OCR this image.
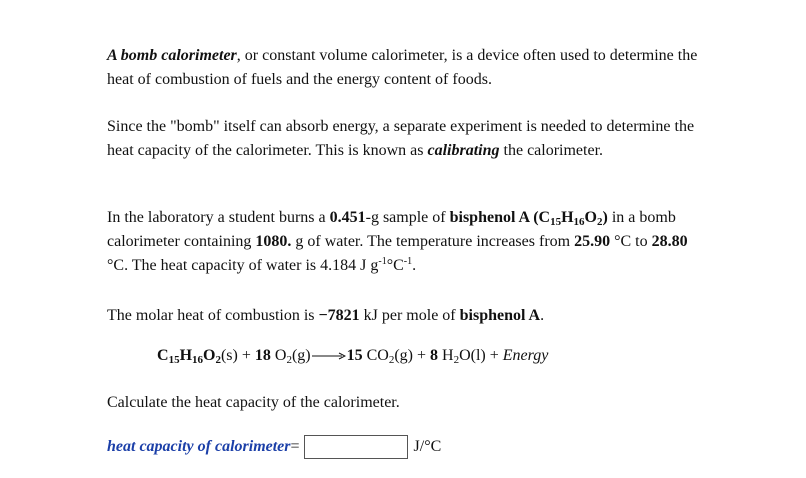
A bomb calorimeter, or constant volume calorimeter, is a device often used to determine the heat of combustion of fuels and the energy content of foods.

Since the "bomb" itself can absorb energy, a separate experiment is needed to determine the heat capacity of the calorimeter. This is known as calibrating the calorimeter.

In the laboratory a student burns a 0.451-g sample of bisphenol A $(C_{15}H_{16}O_2)$ in a bomb calorimeter containing 1080. g of water. The temperature increases from 25.90 °C to 28.80 °C. The heat capacity of water is 4.184 J $g^{-1}^\circ C^{-1}$.

The molar heat of combustion is −7821 kJ per mole of bisphenol A.

$C_{15}H_{16}O_2(s) + 18$ $O_2(g)\to 15$ $CO_2(g) + 8$ $H_2O(l)$ + Energy

Calculate the heat capacity of the calorimeter.

heat capacity of calorimeter =	J/°C
